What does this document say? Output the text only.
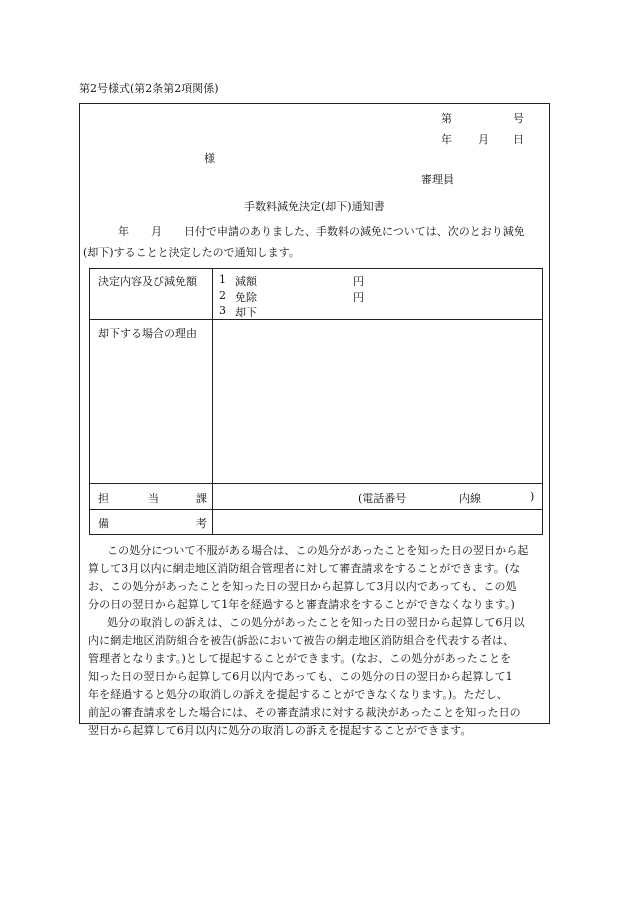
第2号様式(第2条第2項関係)
第	号
年 月 日
様
審理員
手数料減免決定(却下)通知書
年　　月　　日付で申請のありました、手数料の減免については、次のとおり減免
(却下)することと決定したので通知します。
決定内容及び減免額 1 減額	円
2 免除	円
3 却下
却下する場合の理由
担	当	課	(電話番号	内線	)
備	考
この処分について不服がある場合は、この処分があったことを知った日の翌日から起
算して3月以内に網走地区消防組合管理者に対して審査請求をすることができます。(な
お、この処分があったことを知った日の翌日から起算して3月以内であっても、この処
分の日の翌日から起算して1年を経過すると審査請求をすることができなくなります。)
処分の取消しの訴えは、この処分があったことを知った日の翌日から起算して6月以
内に網走地区消防組合を被告(訴訟において被告の網走地区消防組合を代表する者は、
管理者となります。)として提起することができます。(なお、この処分があったことを
知った日の翌日から起算して6月以内であっても、この処分の日の翌日から起算して1
年を経過すると処分の取消しの訴えを提起することができなくなります。)。ただし、
前記の審査請求をした場合には、その審査請求に対する裁決があったことを知った日の
翌日から起算して6月以内に処分の取消しの訴えを提起することができます。
